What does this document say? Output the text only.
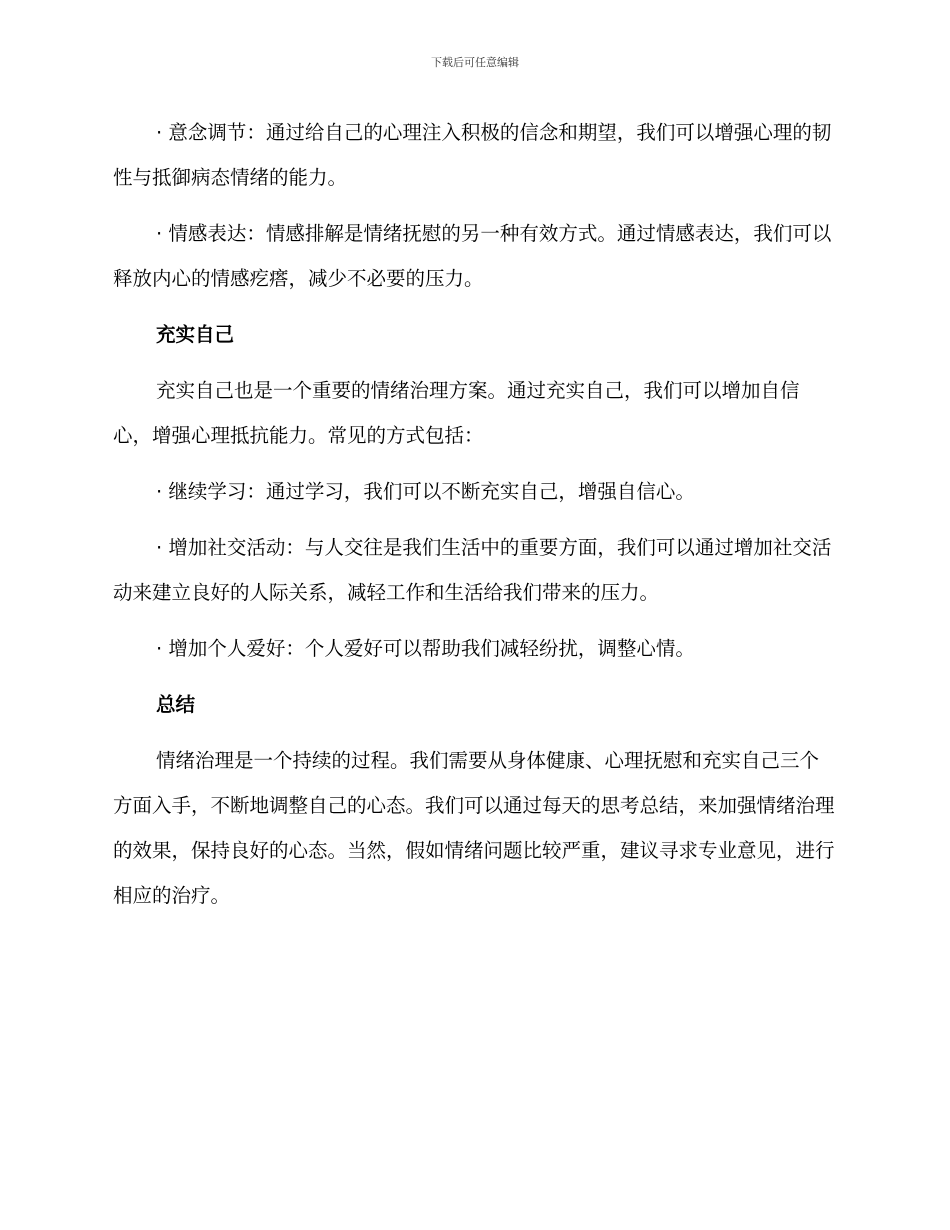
下载后可任意编辑

· 意念调节：通过给自己的心理注入积极的信念和期望，我们可以增强心理的韧性与抵御病态情绪的能力。

· 情感表达：情感排解是情绪抚慰的另一种有效方式。通过情感表达，我们可以释放内心的情感疙瘩，减少不必要的压力。

充实自己

充实自己也是一个重要的情绪治理方案。通过充实自己，我们可以增加自信心，增强心理抵抗能力。常见的方式包括：

· 继续学习：通过学习，我们可以不断充实自己，增强自信心。

· 增加社交活动：与人交往是我们生活中的重要方面，我们可以通过增加社交活动来建立良好的人际关系，减轻工作和生活给我们带来的压力。

· 增加个人爱好：个人爱好可以帮助我们减轻纷扰，调整心情。

总结

情绪治理是一个持续的过程。我们需要从身体健康、心理抚慰和充实自己三个方面入手，不断地调整自己的心态。我们可以通过每天的思考总结，来加强情绪治理的效果，保持良好的心态。当然，假如情绪问题比较严重，建议寻求专业意见，进行相应的治疗。
